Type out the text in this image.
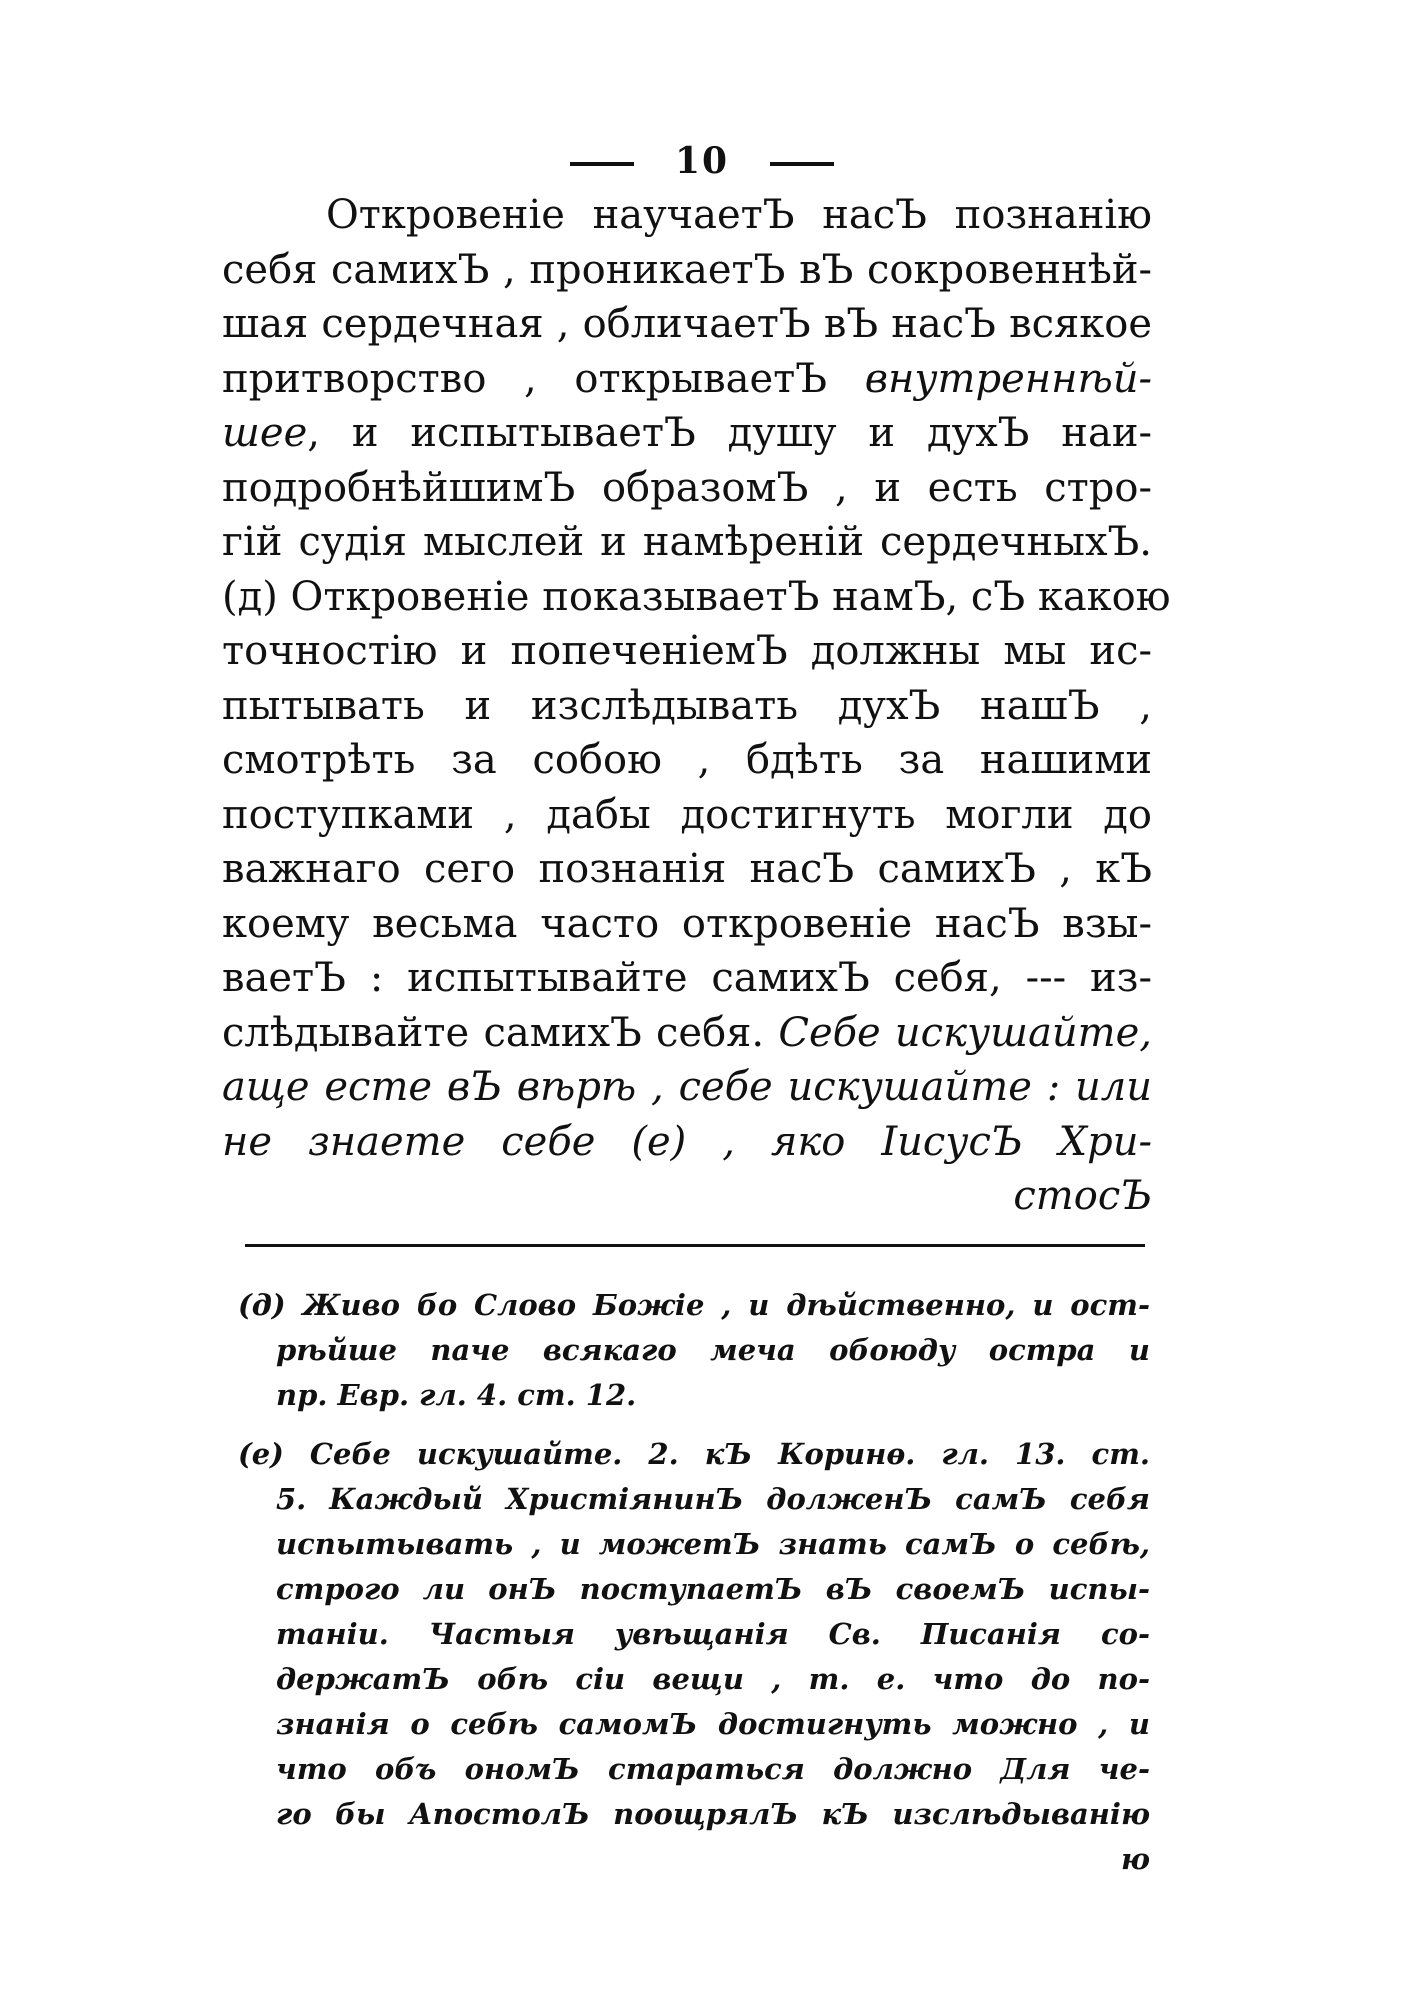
10
Откровеніе научаетЪ насЪ познанію
себя самихЪ , проникаетЪ вЪ сокровеннѣй-
шая сердечная , обличаетЪ вЪ насЪ всякое
притворство , открываетЪ внутреннѣй-
шее, и испытываетЪ душу и духЪ наи-
подробнѣйшимЪ образомЪ , и есть стро-
гій судія мыслей и намѣреній сердечныхЪ.
(д) Откровеніе показываетЪ намЪ, сЪ какою
точностію и попеченіемЪ должны мы ис-
пытывать и изслѣдывать духЪ нашЪ ,
смотрѣть за собою , бдѣть за нашими
поступками , дабы достигнуть могли до
важнаго сего познанія насЪ самихЪ , кЪ
коему весьма часто откровеніе насЪ взы-
ваетЪ : испытывайте самихЪ себя, --- из-
слѣдывайте самихЪ себя. Себе искушайте,
аще есте вЪ вѣрѣ , себе искушайте : или
не знаете себе (е) , яко ІисусЪ Хри-
стосЪ
(д) Живо бо Слово Божіе , и дѣйственно, и ост-
рѣйше паче всякаго меча обоюду остра и
пр. Евр. гл. 4. ст. 12.
(е) Себе искушайте. 2. кЪ Коринѳ. гл. 13. ст.
5. Каждый ХристіянинЪ долженЪ самЪ себя
испытывать , и можетЪ знать самЪ о себѣ,
строго ли онЪ поступаетЪ вЪ своемЪ испы-
таніи. Частыя увѣщанія Св. Писанія со-
держатЪ обѣ сіи вещи , т. е. что до по-
знанія о себѣ самомЪ достигнуть можно , и
что объ ономЪ стараться должно Для че-
го бы АпостолЪ поощрялЪ кЪ изслѣдыванію
ю
